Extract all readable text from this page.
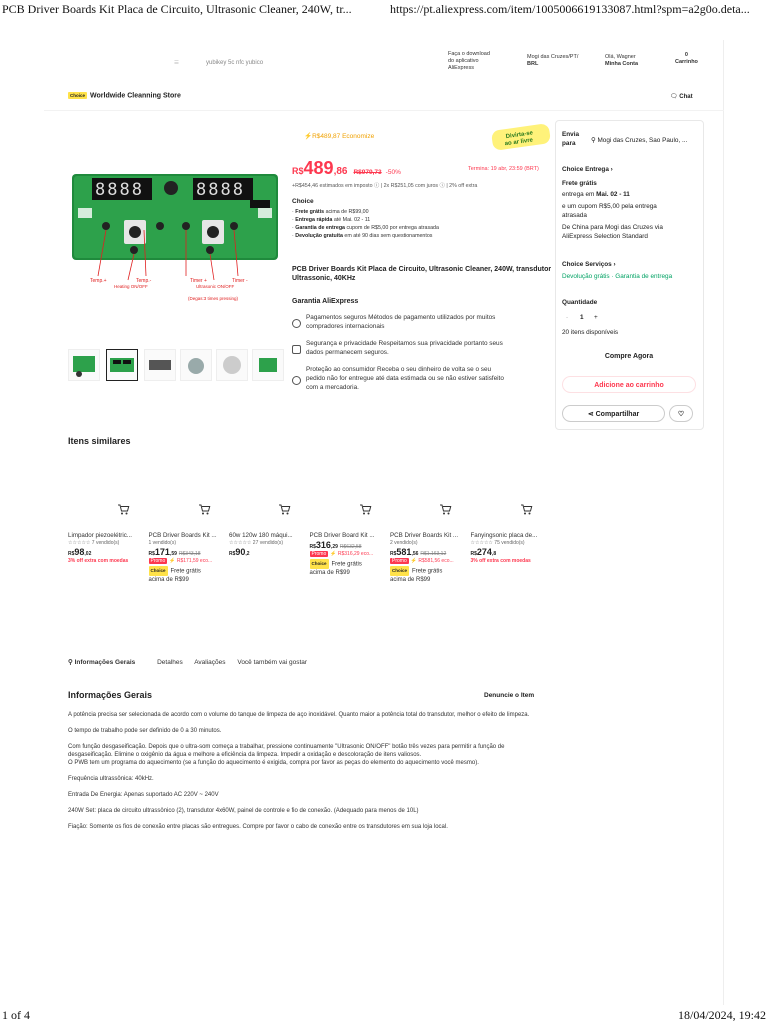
PCB Driver Boards Kit Placa de Circuito, Ultrasonic Cleaner, 240W, tr...	https://pt.aliexpress.com/item/1005006619133087.html?spm=a2g0o.deta...
☰	yubikey 5c nfc yubico
Faça o download
do aplicativo
AliExpress
Mogi das Cruzes/PT/
BRL
Olá, Wagner
Minha Conta
0
Carrinho
Choice Worldwide Cleanning Store	🗨︎ Chat
8888	8888
Temp.+	Temp.-
Heating ON/OFF
Timer +	Timer -
Ultrasonic ON/OFF
(Degas:3 times pressing)
⚡R$489,87 Economize	Divirta-se
ao ar livre
R$489,86 R$979,73 -50%	Termina: 19 abr, 23:59 (BRT)
+R$454,46 estimados em imposto ⓘ | 2x R$251,05 com juros ⓘ | 2% off extra
Choice
· Frete grátis acima de R$99,00
· Entrega rápida até Mai. 02 - 11
· Garantia de entrega cupom de R$5,00 por entrega atrasada
· Devolução gratuita em até 90 dias sem questionamentos
PCB Driver Boards Kit Placa de Circuito, Ultrasonic Cleaner, 240W, transdutor Ultrassonic, 40KHz
Garantia AliExpress
Pagamentos seguros Métodos de pagamento utilizados por muitos
compradores internacionais
Segurança e privacidade Respeitamos sua privacidade portanto seus
dados permanecem seguros.
Proteção ao consumidor Receba o seu dinheiro de volta se o seu
pedido não for entregue até data estimada ou se não estiver satisfeito
com a mercadoria.
Envia
para	⚲ Mogi das Cruzes, Sao Paulo, ...
Choice Entrega ›
Frete grátis
entrega em Mai. 02 - 11
e um cupom R$5,00 pela entrega
atrasada
De China para Mogi das Cruzes via
AliExpress Selection Standard
Choice Serviços ›
Devolução grátis · Garantia de entrega
Quantidade
- 1 +
20 itens disponíveis
Compre Agora
Adicione ao carrinho
⋖ Compartilhar	♡
Itens similares
Limpador piezoelétric...
☆☆☆☆☆ 7 vendido(s)
R$98,02
3% off extra com moedas
PCB Driver Boards Kit ...
1 vendido(s)
R$171,59 R$343,18
Promo ⚡ R$171,59 eco...
Choice Frete grátis
acima de R$99
60w 120w 180 máqui...
☆☆☆☆☆ 27 vendido(s)
R$90,2
PCB Driver Board Kit ...
R$316,29 R$632,58
Promo ⚡ R$316,29 eco...
Choice Frete grátis
acima de R$99
PCB Driver Boards Kit ...
2 vendido(s)
R$581,56 R$1.163,12
Promo ⚡ R$581,56 eco...
Choice Frete grátis
acima de R$99
Fanyingsonic placa de...
☆☆☆☆☆ 75 vendido(s)
R$274,8
3% off extra com moedas
⚲ Informações Gerais	Detalhes Avaliações Você também vai gostar
Informações Gerais	Denuncie o Item

A potência precisa ser selecionada de acordo com o volume do tanque de limpeza de aço inoxidável. Quanto maior a potência total do transdutor, melhor o efeito de limpeza.

O tempo de trabalho pode ser definido de 0 a 30 minutos.

Com função desgaseificação. Depois que o ultra-som começa a trabalhar, pressione continuamente "Ultrasonic ON/OFF" botão três vezes para permitir a função de desgaseificação. Elimine o oxigênio da água e melhore a eficiência da limpeza. Impedir a oxidação e descoloração de itens valiosos.

O PWB tem um programa do aquecimento (se a função do aquecimento é exigida, compra por favor as peças do elemento do aquecimento você mesmo).

Frequência ultrassônica: 40kHz.

Entrada De Energia: Apenas suportado AC 220V ~ 240V

240W Set: placa de circuito ultrassônico (2), transdutor 4x60W, painel de controle e fio de conexão. (Adequado para menos de 10L)

Fiação: Somente os fios de conexão entre placas são entregues. Compre por favor o cabo de conexão entre os transdutores em sua loja local.

1 of 4	18/04/2024, 19:42
